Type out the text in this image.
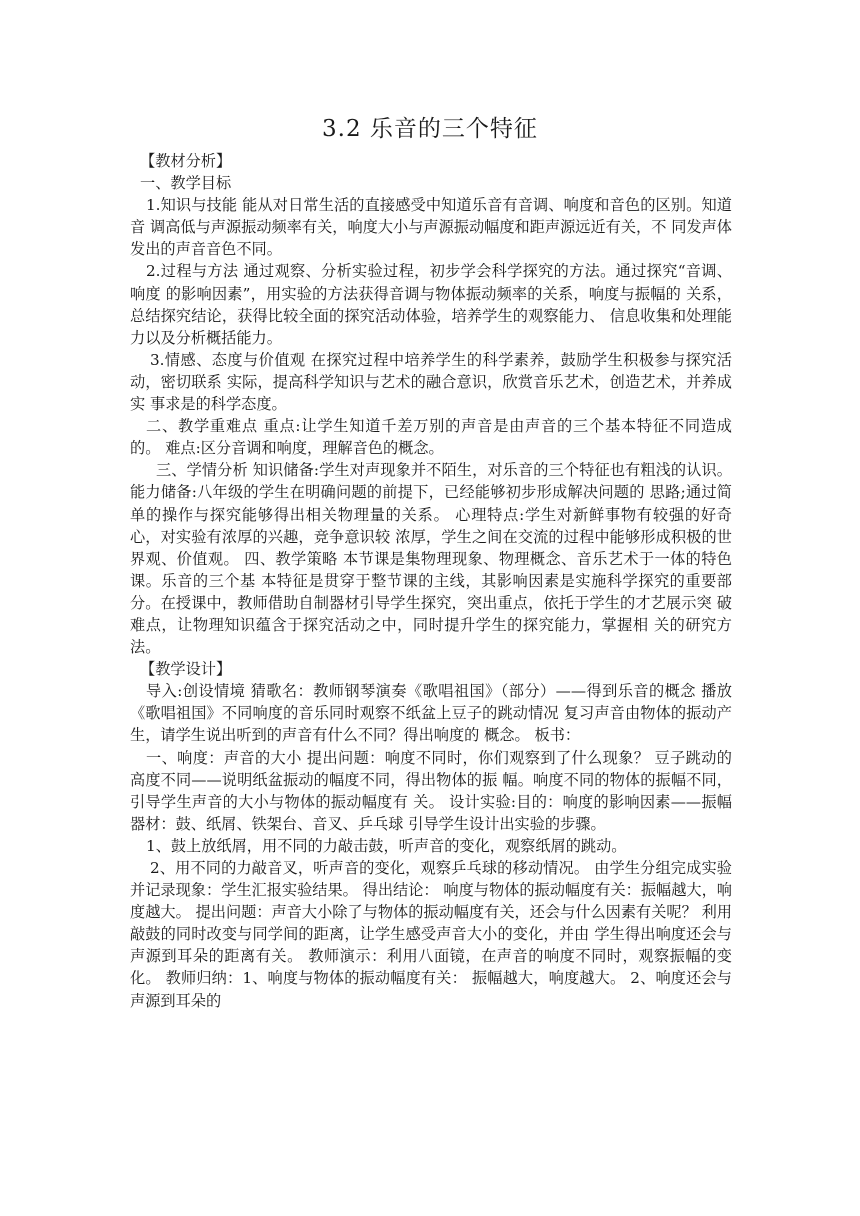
3.2 乐音的三个特征

【教材分析】

一、教学目标

1.知识与技能 能从对日常生活的直接感受中知道乐音有音调、响度和音色的区别。知道音 调高低与声源振动频率有关，响度大小与声源振动幅度和距声源远近有关，不 同发声体发出的声音音色不同。

2.过程与方法 通过观察、分析实验过程，初步学会科学探究的方法。通过探究“音调、响度 的影响因素”，用实验的方法获得音调与物体振动频率的关系，响度与振幅的 关系，总结探究结论，获得比较全面的探究活动体验，培养学生的观察能力、 信息收集和处理能力以及分析概括能力。

3.情感、态度与价值观 在探究过程中培养学生的科学素养，鼓励学生积极参与探究活动，密切联系 实际，提高科学知识与艺术的融合意识，欣赏音乐艺术，创造艺术，并养成实 事求是的科学态度。

二、教学重难点 重点:让学生知道千差万别的声音是由声音的三个基本特征不同造成的。 难点:区分音调和响度，理解音色的概念。

三、学情分析 知识储备:学生对声现象并不陌生，对乐音的三个特征也有粗浅的认识。 能力储备:八年级的学生在明确问题的前提下，已经能够初步形成解决问题的 思路;通过简单的操作与探究能够得出相关物理量的关系。 心理特点:学生对新鲜事物有较强的好奇心，对实验有浓厚的兴趣，竞争意识较 浓厚，学生之间在交流的过程中能够形成积极的世界观、价值观。 四、教学策略 本节课是集物理现象、物理概念、音乐艺术于一体的特色课。乐音的三个基 本特征是贯穿于整节课的主线，其影响因素是实施科学探究的重要部分。在授课中，教师借助自制器材引导学生探究，突出重点，依托于学生的才艺展示突 破难点，让物理知识蕴含于探究活动之中，同时提升学生的探究能力，掌握相 关的研究方法。

【教学设计】

导入:创设情境 猜歌名：教师钢琴演奏《歌唱祖国》（部分）——得到乐音的概念 播放《歌唱祖国》不同响度的音乐同时观察不纸盆上豆子的跳动情况 复习声音由物体的振动产生，请学生说出听到的声音有什么不同？得出响度的 概念。 板书：

一、响度：声音的大小 提出问题：响度不同时，你们观察到了什么现象？ 豆子跳动的高度不同——说明纸盆振动的幅度不同，得出物体的振 幅。响度不同的物体的振幅不同，引导学生声音的大小与物体的振动幅度有 关。 设计实验:目的：响度的影响因素——振幅 器材：鼓、纸屑、铁架台、音叉、乒乓球 引导学生设计出实验的步骤。

1、鼓上放纸屑，用不同的力敲击鼓，听声音的变化，观察纸屑的跳动。

2、用不同的力敲音叉，听声音的变化，观察乒乓球的移动情况。 由学生分组完成实验并记录现象：学生汇报实验结果。 得出结论： 响度与物体的振动幅度有关：振幅越大，响度越大。 提出问题：声音大小除了与物体的振动幅度有关，还会与什么因素有关呢？ 利用敲鼓的同时改变与同学间的距离，让学生感受声音大小的变化，并由 学生得出响度还会与声源到耳朵的距离有关。 教师演示：利用八面镜，在声音的响度不同时，观察振幅的变化。 教师归纳：1、响度与物体的振动幅度有关： 振幅越大，响度越大。 2、响度还会与声源到耳朵的
